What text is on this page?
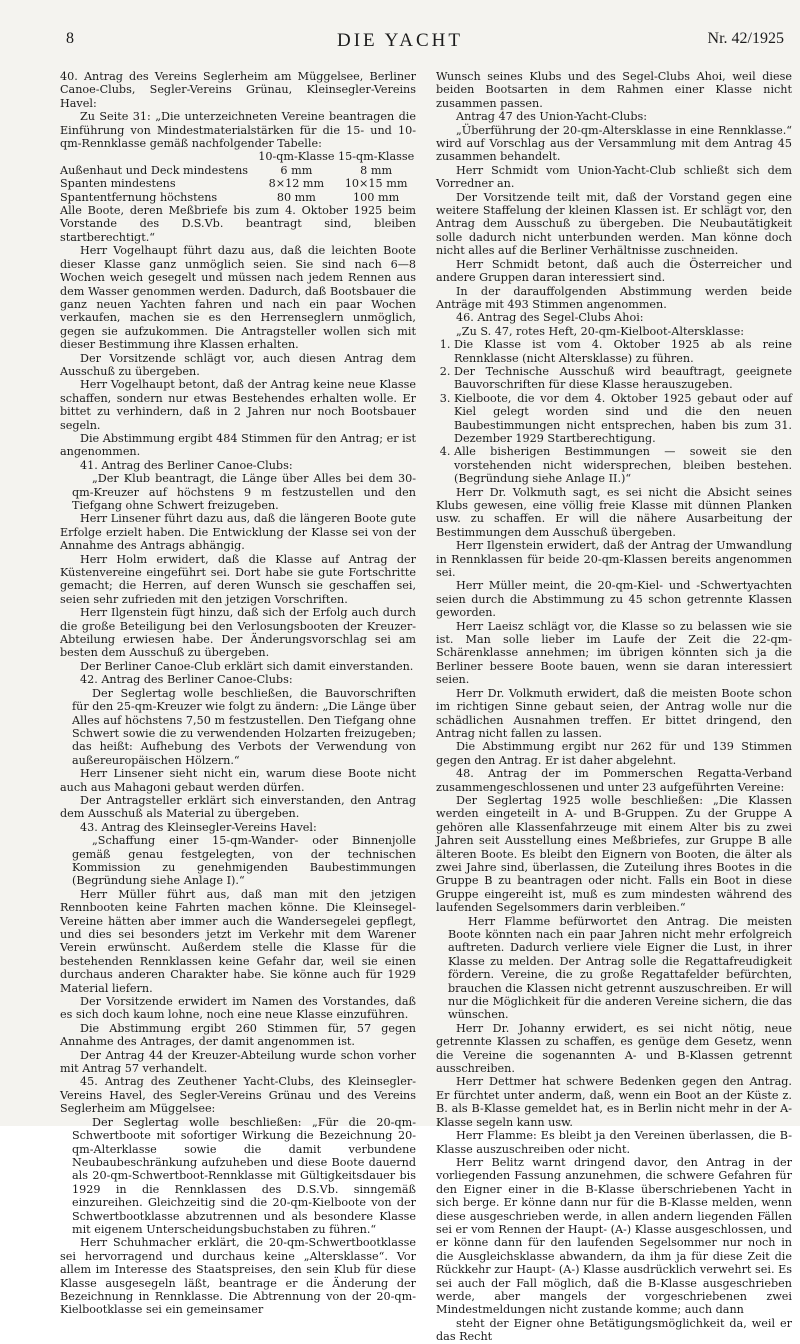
8	DIE YACHT	Nr. 42/1925

40. Antrag des Vereins Seglerheim am Müggelsee, Berliner Canoe-Clubs, Segler-Vereins Grünau, Kleinsegler-Vereins Havel:

Zu Seite 31: „Die unterzeichneten Vereine beantragen die Einführung von Mindestmaterialstärken für die 15- und 10-qm-Rennklasse gemäß nachfolgender Tabelle:

	10-qm-Klasse	15-qm-Klasse
Außenhaut und Deck mindestens	6 mm	8 mm
Spanten mindestens	8×12 mm	10×15 mm
Spantentfernung höchstens	80 mm	100 mm

Alle Boote, deren Meßbriefe bis zum 4. Oktober 1925 beim Vorstande des D.S.Vb. beantragt sind, bleiben startberechtigt.“

Herr Vogelhaupt führt dazu aus, daß die leichten Boote dieser Klasse ganz unmöglich seien. Sie sind nach 6—8 Wochen weich gesegelt und müssen nach jedem Rennen aus dem Wasser genommen werden. Dadurch, daß Bootsbauer die ganz neuen Yachten fahren und nach ein paar Wochen verkaufen, machen sie es den Herrenseglern unmöglich, gegen sie aufzukommen. Die Antragsteller wollen sich mit dieser Bestimmung ihre Klassen erhalten.

Der Vorsitzende schlägt vor, auch diesen Antrag dem Ausschuß zu übergeben.

Herr Vogelhaupt betont, daß der Antrag keine neue Klasse schaffen, sondern nur etwas Bestehendes erhalten wolle. Er bittet zu verhindern, daß in 2 Jahren nur noch Bootsbauer segeln.

Die Abstimmung ergibt 484 Stimmen für den Antrag; er ist angenommen.

41. Antrag des Berliner Canoe-Clubs:

„Der Klub beantragt, die Länge über Alles bei dem 30-qm-Kreuzer auf höchstens 9 m festzustellen und den Tiefgang ohne Schwert freizugeben.

Herr Linsener führt dazu aus, daß die längeren Boote gute Erfolge erzielt haben. Die Entwicklung der Klasse sei von der Annahme des Antrags abhängig.

Herr Holm erwidert, daß die Klasse auf Antrag der Küstenvereine eingeführt sei. Dort habe sie gute Fortschritte gemacht; die Herren, auf deren Wunsch sie geschaffen sei, seien sehr zufrieden mit den jetzigen Vorschriften.

Herr Ilgenstein fügt hinzu, daß sich der Erfolg auch durch die große Beteiligung bei den Verlosungsbooten der Kreuzer-Abteilung erwiesen habe. Der Änderungsvorschlag sei am besten dem Ausschuß zu übergeben.

Der Berliner Canoe-Club erklärt sich damit einverstanden.

42. Antrag des Berliner Canoe-Clubs:

Der Seglertag wolle beschließen, die Bauvorschriften für den 25-qm-Kreuzer wie folgt zu ändern: „Die Länge über Alles auf höchstens 7,50 m festzustellen. Den Tiefgang ohne Schwert sowie die zu verwendenden Holzarten freizugeben; das heißt: Aufhebung des Verbots der Verwendung von außereuropäischen Hölzern.“

Herr Linsener sieht nicht ein, warum diese Boote nicht auch aus Mahagoni gebaut werden dürfen.

Der Antragsteller erklärt sich einverstanden, den Antrag dem Ausschuß als Material zu übergeben.

43. Antrag des Kleinsegler-Vereins Havel:

„Schaffung einer 15-qm-Wander- oder Binnenjolle gemäß genau festgelegten, von der technischen Kommission zu genehmigenden Baubestimmungen (Begründung siehe Anlage I).“

Herr Müller führt aus, daß man mit den jetzigen Rennbooten keine Fahrten machen könne. Die Kleinsegel-Vereine hätten aber immer auch die Wandersegelei gepflegt, und dies sei besonders jetzt im Verkehr mit dem Warener Verein erwünscht. Außerdem stelle die Klasse für die bestehenden Rennklassen keine Gefahr dar, weil sie einen durchaus anderen Charakter habe. Sie könne auch für 1929 Material liefern.

Der Vorsitzende erwidert im Namen des Vorstandes, daß es sich doch kaum lohne, noch eine neue Klasse einzuführen.

Die Abstimmung ergibt 260 Stimmen für, 57 gegen Annahme des Antrages, der damit angenommen ist.

Der Antrag 44 der Kreuzer-Abteilung wurde schon vorher mit Antrag 57 verhandelt.

45. Antrag des Zeuthener Yacht-Clubs, des Kleinsegler-Vereins Havel, des Segler-Vereins Grünau und des Vereins Seglerheim am Müggelsee:

Der Seglertag wolle beschließen: „Für die 20-qm-Schwertboote mit sofortiger Wirkung die Bezeichnung 20-qm-Alterklasse sowie die damit verbundene Neubaubeschränkung aufzuheben und diese Boote dauernd als 20-qm-Schwertboot-Rennklasse mit Gültigkeitsdauer bis 1929 in die Rennklassen des D.S.Vb. sinngemäß einzureihen. Gleichzeitig sind die 20-qm-Kielboote von der Schwertbootklasse abzutrennen und als besondere Klasse mit eigenem Unterscheidungsbuchstaben zu führen.“

Herr Schuhmacher erklärt, die 20-qm-Schwertbootklasse sei hervorragend und durchaus keine „Altersklasse“. Vor allem im Interesse des Staatspreises, den sein Klub für diese Klasse ausgesegeln läßt, beantrage er die Änderung der Bezeichnung in Rennklasse. Die Abtrennung von der 20-qm-Kielbootklasse sei ein gemeinsamer

Wunsch seines Klubs und des Segel-Clubs Ahoi, weil diese beiden Bootsarten in dem Rahmen einer Klasse nicht zusammen passen.

Antrag 47 des Union-Yacht-Clubs:

„Überführung der 20-qm-Altersklasse in eine Rennklasse.“ wird auf Vorschlag aus der Versammlung mit dem Antrag 45 zusammen behandelt.

Herr Schmidt vom Union-Yacht-Club schließt sich dem Vorredner an.

Der Vorsitzende teilt mit, daß der Vorstand gegen eine weitere Staffelung der kleinen Klassen ist. Er schlägt vor, den Antrag dem Ausschuß zu übergeben. Die Neubautätigkeit solle dadurch nicht unterbunden werden. Man könne doch nicht alles auf die Berliner Verhältnisse zuschneiden.

Herr Schmidt betont, daß auch die Österreicher und andere Gruppen daran interessiert sind.

In der darauffolgenden Abstimmung werden beide Anträge mit 493 Stimmen angenommen.

46. Antrag des Segel-Clubs Ahoi:

„Zu S. 47, rotes Heft, 20-qm-Kielboot-Altersklasse:

1. Die Klasse ist vom 4. Oktober 1925 ab als reine Rennklasse (nicht Altersklasse) zu führen.
2. Der Technische Ausschuß wird beauftragt, geeignete Bauvorschriften für diese Klasse herauszugeben.
3. Kielboote, die vor dem 4. Oktober 1925 gebaut oder auf Kiel gelegt worden sind und die den neuen Baubestimmungen nicht entsprechen, haben bis zum 31. Dezember 1929 Startberechtigung.
4. Alle bisherigen Bestimmungen — soweit sie den vorstehenden nicht widersprechen, bleiben bestehen. (Begründung siehe Anlage II.)“

Herr Dr. Volkmuth sagt, es sei nicht die Absicht seines Klubs gewesen, eine völlig freie Klasse mit dünnen Planken usw. zu schaffen. Er will die nähere Ausarbeitung der Bestimmungen dem Ausschuß übergeben.

Herr Ilgenstein erwidert, daß der Antrag der Umwandlung in Rennklassen für beide 20-qm-Klassen bereits angenommen sei.

Herr Müller meint, die 20-qm-Kiel- und -Schwertyachten seien durch die Abstimmung zu 45 schon getrennte Klassen geworden.

Herr Laeisz schlägt vor, die Klasse so zu belassen wie sie ist. Man solle lieber im Laufe der Zeit die 22-qm-Schärenklasse annehmen; im übrigen könnten sich ja die Berliner bessere Boote bauen, wenn sie daran interessiert seien.

Herr Dr. Volkmuth erwidert, daß die meisten Boote schon im richtigen Sinne gebaut seien, der Antrag wolle nur die schädlichen Ausnahmen treffen. Er bittet dringend, den Antrag nicht fallen zu lassen.

Die Abstimmung ergibt nur 262 für und 139 Stimmen gegen den Antrag. Er ist daher abgelehnt.

48. Antrag der im Pommerschen Regatta-Verband zusammengeschlossenen und unter 23 aufgeführten Vereine:

Der Seglertag 1925 wolle beschließen: „Die Klassen werden eingeteilt in A- und B-Gruppen. Zu der Gruppe A gehören alle Klassenfahrzeuge mit einem Alter bis zu zwei Jahren seit Ausstellung eines Meßbriefes, zur Gruppe B alle älteren Boote. Es bleibt den Eignern von Booten, die älter als zwei Jahre sind, überlassen, die Zuteilung ihres Bootes in die Gruppe B zu beantragen oder nicht. Falls ein Boot in diese Gruppe eingereiht ist, muß es zum mindesten während des laufenden Segelsommers darin verbleiben.“

Herr Flamme befürwortet den Antrag. Die meisten Boote könnten nach ein paar Jahren nicht mehr erfolgreich auftreten. Dadurch verliere viele Eigner die Lust, in ihrer Klasse zu melden. Der Antrag solle die Regattafreudigkeit fördern. Vereine, die zu große Regattafelder befürchten, brauchen die Klassen nicht getrennt auszuschreiben. Er will nur die Möglichkeit für die anderen Vereine sichern, die das wünschen.

Herr Dr. Johanny erwidert, es sei nicht nötig, neue getrennte Klassen zu schaffen, es genüge dem Gesetz, wenn die Vereine die sogenannten A- und B-Klassen getrennt ausschreiben.

Herr Dettmer hat schwere Bedenken gegen den Antrag. Er fürchtet unter anderm, daß, wenn ein Boot an der Küste z. B. als B-Klasse gemeldet hat, es in Berlin nicht mehr in der A-Klasse segeln kann usw.

Herr Flamme: Es bleibt ja den Vereinen überlassen, die B-Klasse auszuschreiben oder nicht.

Herr Belitz warnt dringend davor, den Antrag in der vorliegenden Fassung anzunehmen, die schwere Gefahren für den Eigner einer in die B-Klasse überschriebenen Yacht in sich berge. Er könne dann nur für die B-Klasse melden, wenn diese ausgeschrieben werde, in allen andern liegenden Fällen sei er vom Rennen der Haupt- (A-) Klasse ausgeschlossen, und er könne dann für den laufenden Segelsommer nur noch in die Ausgleichsklasse abwandern, da ihm ja für diese Zeit die Rückkehr zur Haupt- (A-) Klasse ausdrücklich verwehrt sei. Es sei auch der Fall möglich, daß die B-Klasse ausgeschrieben werde, aber mangels der vorgeschriebenen zwei Mindestmeldungen nicht zustande komme; auch dann

steht der Eigner ohne Betätigungsmöglichkeit da, weil er das Recht
